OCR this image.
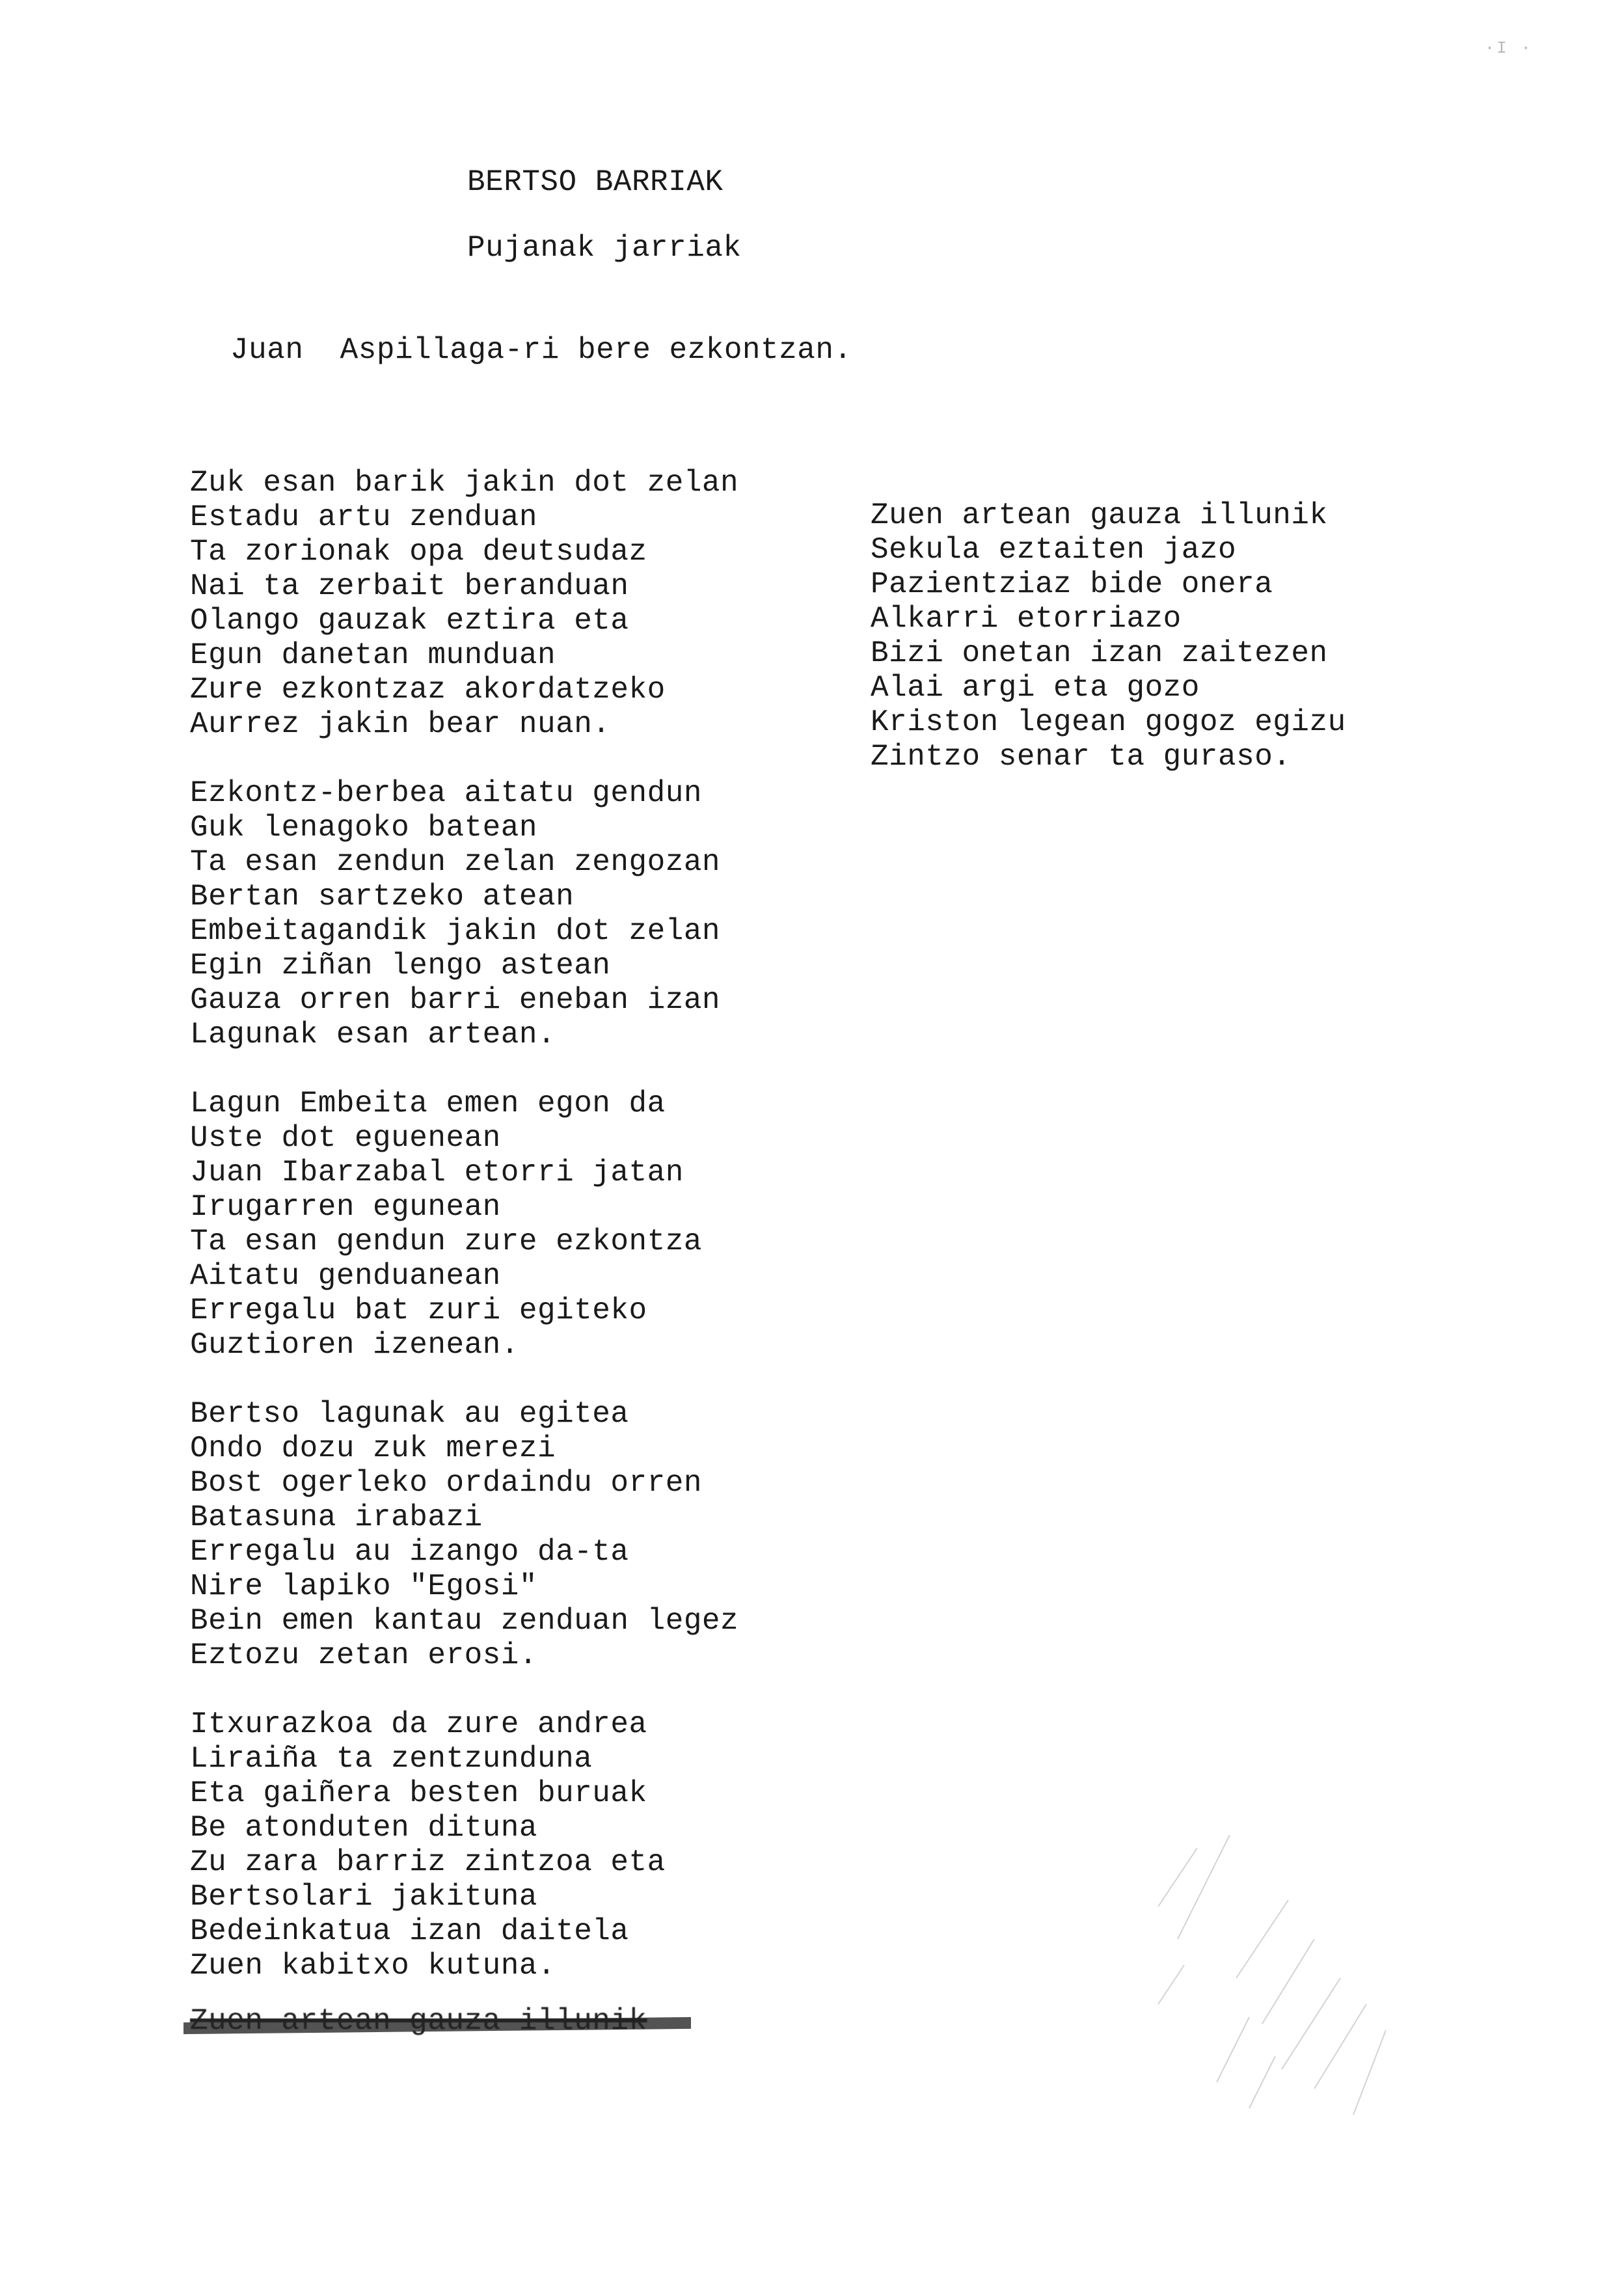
·I ·
BERTSO BARRIAK
Pujanak jarriak
Juan  Aspillaga-ri bere ezkontzan.
Zuk esan barik jakin dot zelan
Estadu artu zenduan
Ta zorionak opa deutsudaz
Nai ta zerbait beranduan
Olango gauzak eztira eta
Egun danetan munduan
Zure ezkontzaz akordatzeko
Aurrez jakin bear nuan.
Ezkontz-berbea aitatu gendun
Guk lenagoko batean
Ta esan zendun zelan zengozan
Bertan sartzeko atean
Embeitagandik jakin dot zelan
Egin ziñan lengo astean
Gauza orren barri eneban izan
Lagunak esan artean.
Lagun Embeita emen egon da
Uste dot eguenean
Juan Ibarzabal etorri jatan
Irugarren egunean
Ta esan gendun zure ezkontza
Aitatu genduanean
Erregalu bat zuri egiteko
Guztioren izenean.
Bertso lagunak au egitea
Ondo dozu zuk merezi
Bost ogerleko ordaindu orren
Batasuna irabazi
Erregalu au izango da-ta
Nire lapiko "Egosi"
Bein emen kantau zenduan legez
Eztozu zetan erosi.
Itxurazkoa da zure andrea
Liraiña ta zentzunduna
Eta gaiñera besten buruak
Be atonduten dituna
Zu zara barriz zintzoa eta
Bertsolari jakituna
Bedeinkatua izan daitela
Zuen kabitxo kutuna.
Zuen artean gauza illunik
Sekula eztaiten jazo
Pazientziaz bide onera
Alkarri etorriazo
Bizi onetan izan zaitezen
Alai argi eta gozo
Kriston legean gogoz egizu
Zintzo senar ta guraso.
Zuen artean gauza illunik
